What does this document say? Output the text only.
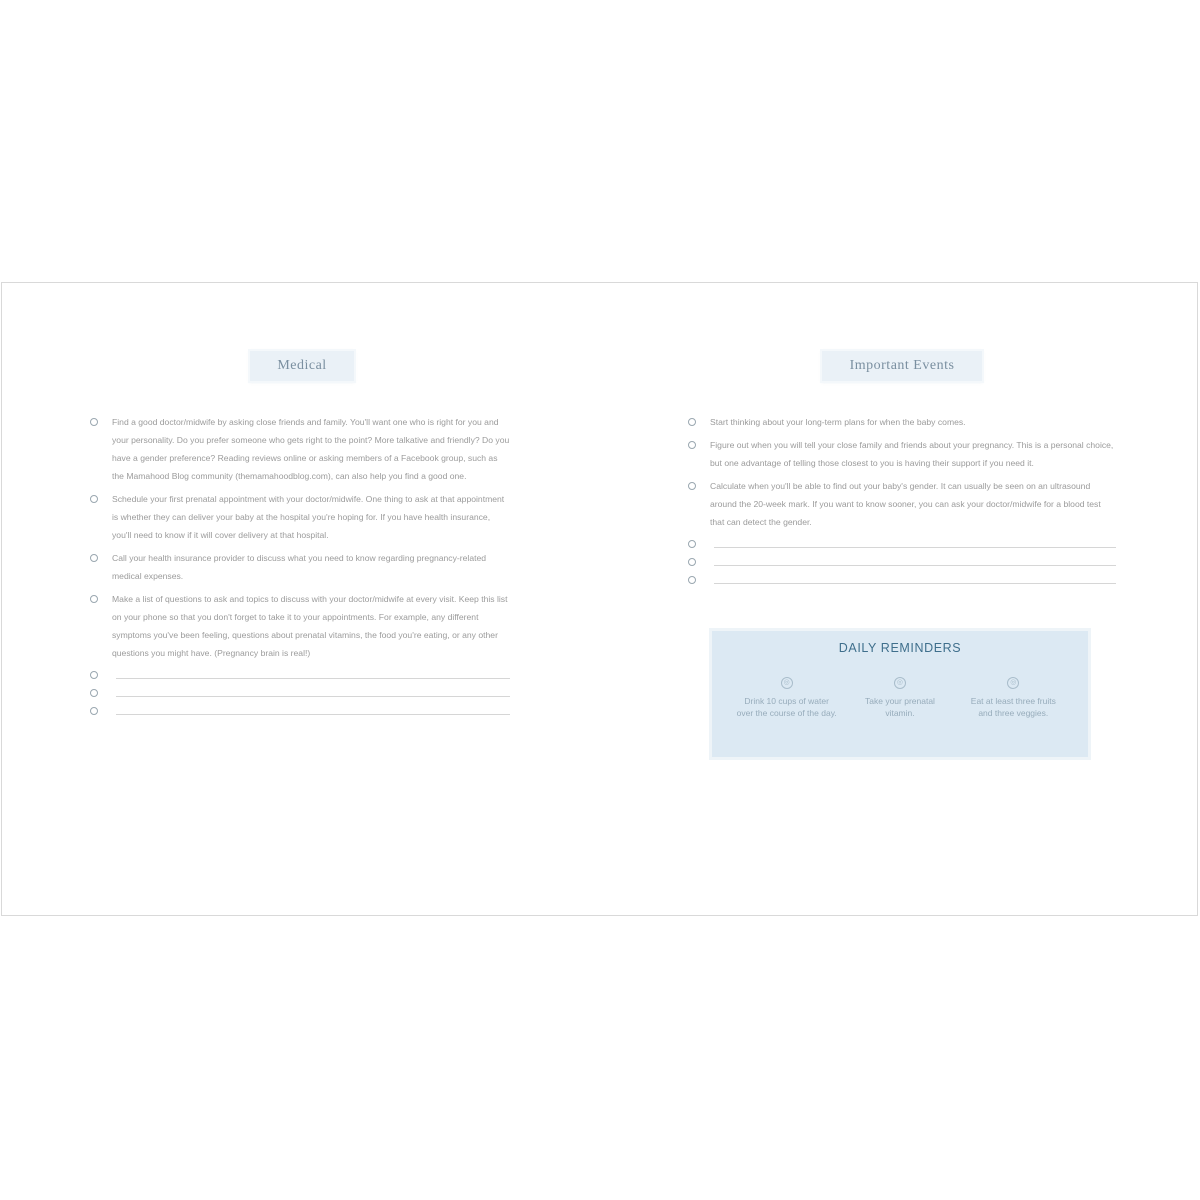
Medical
Find a good doctor/midwife by asking close friends and family. You'll want one who is right for you and your personality. Do you prefer someone who gets right to the point? More talkative and friendly? Do you have a gender preference? Reading reviews online or asking members of a Facebook group, such as the Mamahood Blog community (themamahoodblog.com), can also help you find a good one.
Schedule your first prenatal appointment with your doctor/midwife. One thing to ask at that appointment is whether they can deliver your baby at the hospital you're hoping for. If you have health insurance, you'll need to know if it will cover delivery at that hospital.
Call your health insurance provider to discuss what you need to know regarding pregnancy-related medical expenses.
Make a list of questions to ask and topics to discuss with your doctor/midwife at every visit. Keep this list on your phone so that you don't forget to take it to your appointments. For example, any different symptoms you've been feeling, questions about prenatal vitamins, the food you're eating, or any other questions you might have. (Pregnancy brain is real!)
Important Events
Start thinking about your long-term plans for when the baby comes.
Figure out when you will tell your close family and friends about your pregnancy. This is a personal choice, but one advantage of telling those closest to you is having their support if you need it.
Calculate when you'll be able to find out your baby's gender. It can usually be seen on an ultrasound around the 20-week mark. If you want to know sooner, you can ask your doctor/midwife for a blood test that can detect the gender.
DAILY REMINDERS
◎
Drink 10 cups of water over the course of the day.
◎
Take your prenatal vitamin.
◎
Eat at least three fruits and three veggies.
